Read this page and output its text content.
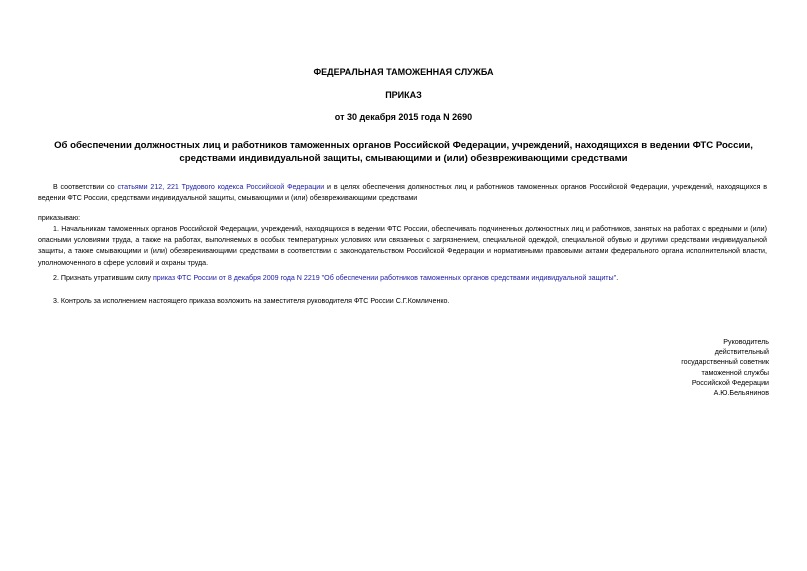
ФЕДЕРАЛЬНАЯ ТАМОЖЕННАЯ СЛУЖБА
ПРИКАЗ
от 30 декабря 2015 года N 2690
Об обеспечении должностных лиц и работников таможенных органов Российской Федерации, учреждений, находящихся в ведении ФТС России, средствами индивидуальной защиты, смывающими и (или) обезвреживающими средствами
В соответствии со статьями 212, 221 Трудового кодекса Российской Федерации и в целях обеспечения должностных лиц и работников таможенных органов Российской Федерации, учреждений, находящихся в ведении ФТС России, средствами индивидуальной защиты, смывающими и (или) обезвреживающими средствами
приказываю:
1. Начальникам таможенных органов Российской Федерации, учреждений, находящихся в ведении ФТС России, обеспечивать подчиненных должностных лиц и работников, занятых на работах с вредными и (или) опасными условиями труда, а также на работах, выполняемых в особых температурных условиях или связанных с загрязнением, специальной одеждой, специальной обувью и другими средствами индивидуальной защиты, а также смывающими и (или) обезвреживающими средствами в соответствии с законодательством Российской Федерации и нормативными правовыми актами федерального органа исполнительной власти, уполномоченного в сфере условий и охраны труда.
2. Признать утратившим силу приказ ФТС России от 8 декабря 2009 года N 2219 "Об обеспечении работников таможенных органов средствами индивидуальной защиты".
3. Контроль за исполнением настоящего приказа возложить на заместителя руководителя ФТС России С.Г.Комличенко.
Руководитель
действительный
государственный советник
таможенной службы
Российской Федерации
А.Ю.Бельянинов
